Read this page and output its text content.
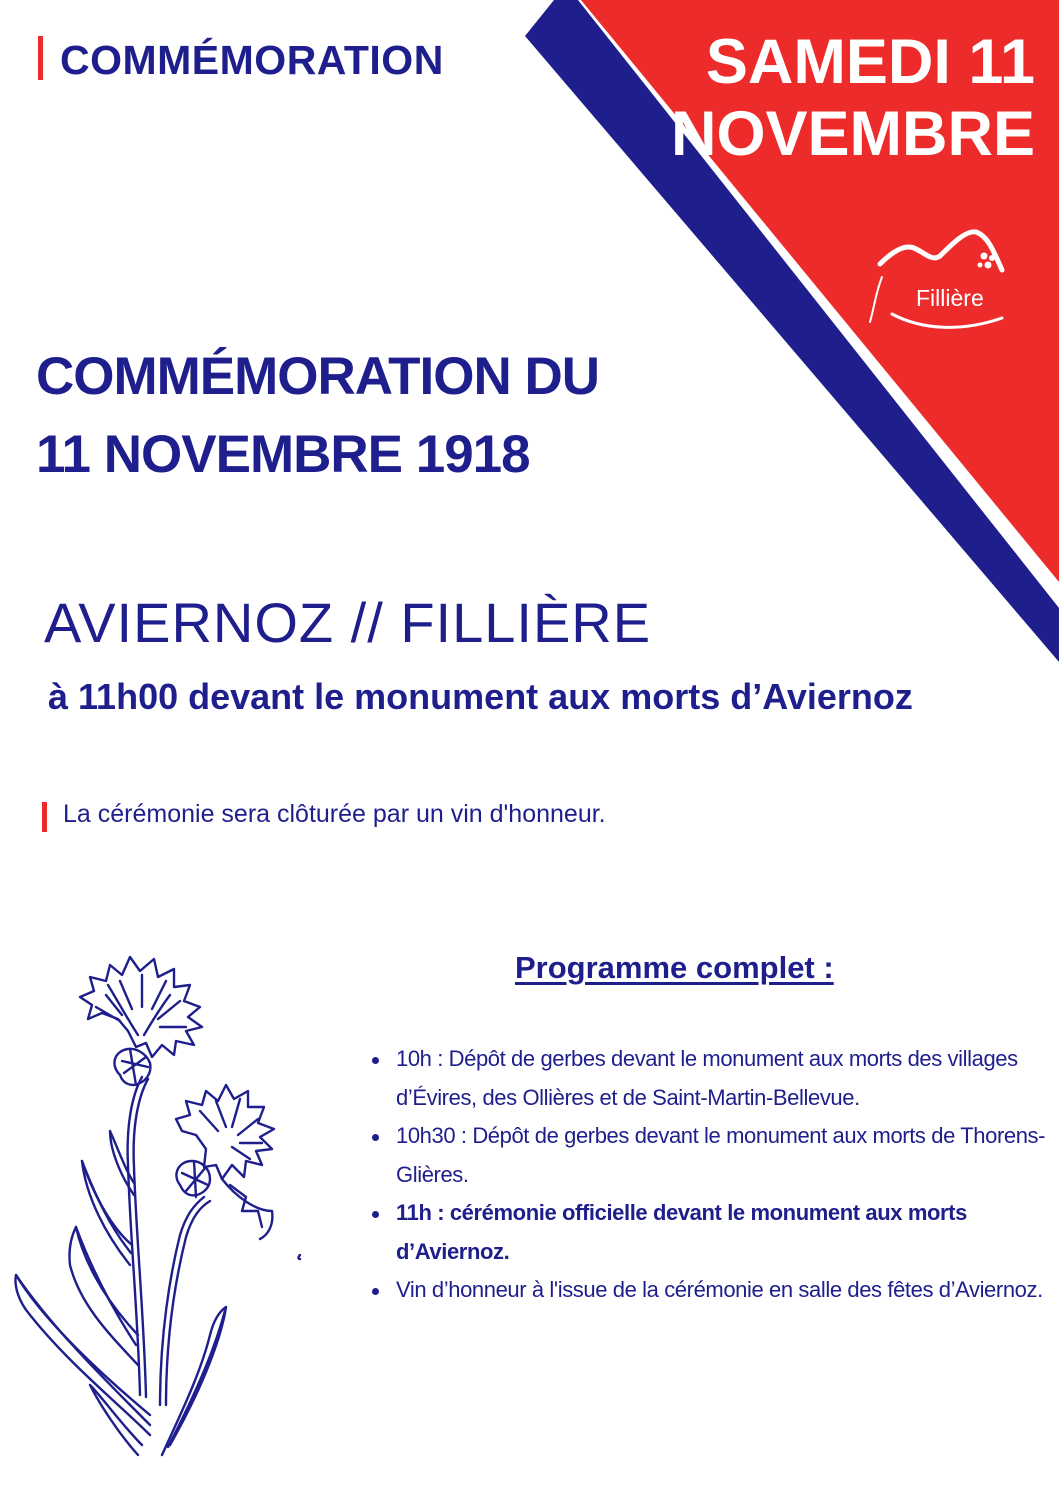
COMMÉMORATION	SAMEDI 11
NOVEMBRE
Fillière
COMMÉMORATION DU
11 NOVEMBRE 1918
AVIERNOZ // FILLIÈRE
à 11h00 devant le monument aux morts d’Aviernoz
La cérémonie sera clôturée par un vin d'honneur.
Programme complet :
10h : Dépôt de gerbes devant le monument aux morts des villages d’Évires, des Ollières et de Saint-Martin-Bellevue.
10h30 : Dépôt de gerbes devant le monument aux morts de Thorens-Glières.
11h : cérémonie officielle devant le monument aux morts d’Aviernoz.
Vin d’honneur à l'issue de la cérémonie en salle des fêtes d’Aviernoz.
